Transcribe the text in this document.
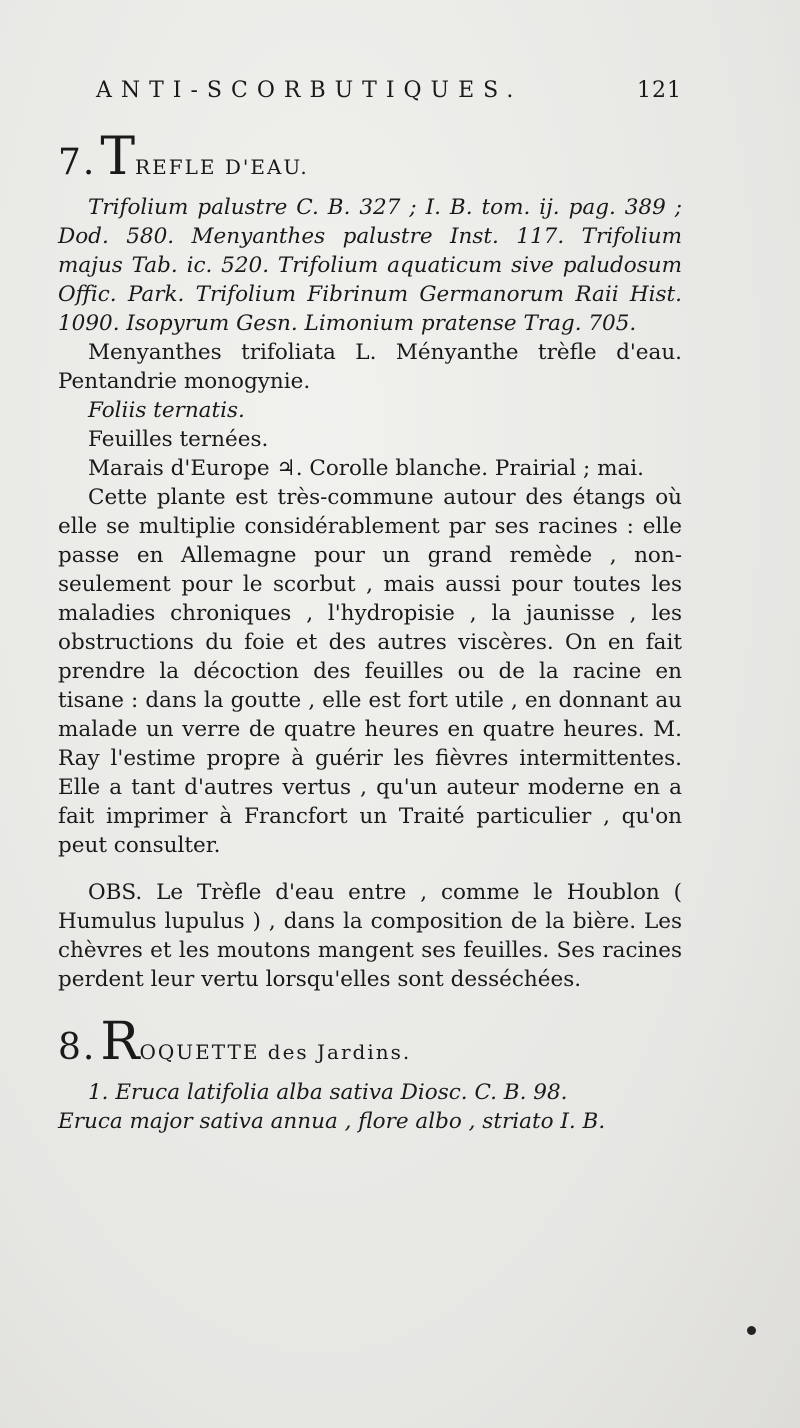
ANTI-SCORBUTIQUES.	121
7.TREFLE D'EAU.

Trifolium palustre C. B. 327 ; I. B. tom. ij. pag. 389 ; Dod. 580. Menyanthes palustre Inst. 117. Trifolium majus Tab. ic. 520. Trifolium aquaticum sive paludosum Offic. Park. Trifolium Fibrinum Germanorum Raii Hist. 1090. Isopyrum Gesn. Limonium pratense Trag. 705.

Menyanthes trifoliata L. Ményanthe trèfle d'eau. Pentandrie monogynie.

Foliis ternatis.

Feuilles ternées.

Marais d'Europe ♃. Corolle blanche. Prairial ; mai.

Cette plante est très-commune autour des étangs où elle se multiplie considérablement par ses racines : elle passe en Allemagne pour un grand remède , non-seulement pour le scorbut , mais aussi pour toutes les maladies chroniques , l'hydropisie , la jaunisse , les obstructions du foie et des autres viscères. On en fait prendre la décoction des feuilles ou de la racine en tisane : dans la goutte , elle est fort utile , en donnant au malade un verre de quatre heures en quatre heures. M. Ray l'estime propre à guérir les fièvres intermittentes. Elle a tant d'autres vertus , qu'un auteur moderne en a fait imprimer à Francfort un Traité particulier , qu'on peut consulter.

OBS. Le Trèfle d'eau entre , comme le Houblon ( Humulus lupulus ) , dans la composition de la bière. Les chèvres et les moutons mangent ses feuilles. Ses racines perdent leur vertu lorsqu'elles sont desséchées.

8.ROQUETTE des Jardins.

1. Eruca latifolia alba sativa Diosc. C. B. 98.

Eruca major sativa annua , flore albo , striato I. B.
